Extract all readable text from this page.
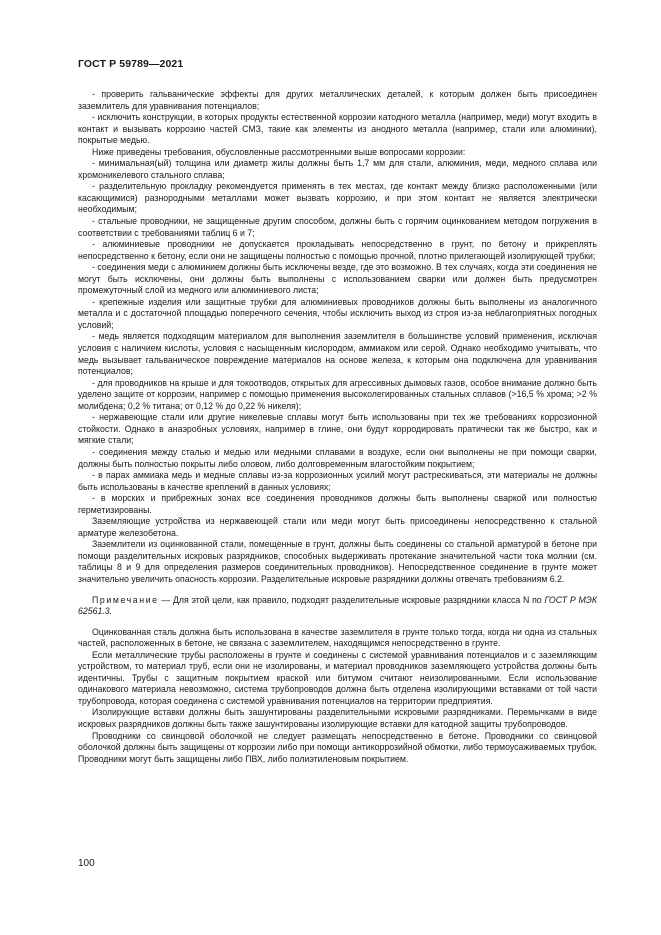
ГОСТ Р 59789—2021

- проверить гальванические эффекты для других металлических деталей, к которым должен быть присоединен заземлитель для уравнивания потенциалов;

- исключить конструкции, в которых продукты естественной коррозии катодного металла (например, меди) могут входить в контакт и вызывать коррозию частей СМЗ, такие как элементы из анодного металла (например, стали или алюминии), покрытые медью.

Ниже приведены требования, обусловленные рассмотренными выше вопросами коррозии:

- минимальная(ый) толщина или диаметр жилы должны быть 1,7 мм для стали, алюминия, меди, медного сплава или хромоникелевого стального сплава;

- разделительную прокладку рекомендуется применять в тех местах, где контакт между близко расположенными (или касающимися) разнородными металлами может вызвать коррозию, и при этом контакт не является электрически необходимым;

- стальные проводники, не защищенные другим способом, должны быть с горячим оцинкованием методом погружения в соответствии с требованиями таблиц 6 и 7;

- алюминиевые проводники не допускается прокладывать непосредственно в грунт, по бетону и прикреплять непосредственно к бетону, если они не защищены полностью с помощью прочной, плотно прилегающей изолирующей трубки;

- соединения меди с алюминием должны быть исключены везде, где это возможно. В тех случаях, когда эти соединения не могут быть исключены, они должны быть выполнены с использованием сварки или должен быть предусмотрен промежуточный слой из медного или алюминиевого листа;

- крепежные изделия или защитные трубки для алюминиевых проводников должны быть выполнены из аналогичного металла и с достаточной площадью поперечного сечения, чтобы исключить выход из строя из-за неблагоприятных погодных условий;

- медь является подходящим материалом для выполнения заземлителя в большинстве условий применения, исключая условия с наличием кислоты, условия с насыщенным кислородом, аммиаком или серой. Однако необходимо учитывать, что медь вызывает гальваническое повреждение материалов на основе железа, к которым она подключена для уравнивания потенциалов;

- для проводников на крыше и для токоотводов, открытых для агрессивных дымовых газов, особое внимание должно быть уделено защите от коррозии, например с помощью применения высоколегированных стальных сплавов (>16,5 % хрома; >2 % молибдена; 0,2 % титана; от 0,12 % до 0,22 % никеля);

- нержавеющие стали или другие никелевые сплавы могут быть использованы при тех же требованиях коррозионной стойкости. Однако в анаэробных условиях, например в глине, они будут корродировать пратически так же быстро, как и мягкие стали;

- соединения между сталью и медью или медными сплавами в воздухе, если они выполнены не при помощи сварки, должны быть полностью покрыты либо оловом, либо долговременным влагостойким покрытием;

- в парах аммиака медь и медные сплавы из-за коррозионных усилий могут растрескиваться, эти материалы не должны быть использованы в качестве креплений в данных условиях;

- в морских и прибрежных зонах все соединения проводников должны быть выполнены сваркой или полностью герметизированы.

Заземляющие устройства из нержавеющей стали или меди могут быть присоединены непосредственно к стальной арматуре железобетона.

Заземлители из оцинкованной стали, помещенные в грунт, должны быть соединены со стальной арматурой в бетоне при помощи разделительных искровых разрядников, способных выдерживать протекание значительной части тока молнии (см. таблицы 8 и 9 для определения размеров соединительных проводников). Непосредственное соединение в грунте может значительно увеличить опасность коррозии. Разделительные искровые разрядники должны отвечать требованиям 6.2.

Примечание — Для этой цели, как правило, подходят разделительные искровые разрядники класса N по ГОСТ Р МЭК 62561.3.

Оцинкованная сталь должна быть использована в качестве заземлителя в грунте только тогда, когда ни одна из стальных частей, расположенных в бетоне, не связана с заземлителем, находящимся непосредственно в грунте.

Если металлические трубы расположены в грунте и соединены с системой уравнивания потенциалов и с заземляющим устройством, то материал труб, если они не изолированы, и материал проводников заземляющего устройства должны быть идентичны. Трубы с защитным покрытием краской или битумом считают неизолированными. Если использование одинакового материала невозможно, система трубопроводов должна быть отделена изолирующими вставками от той части трубопровода, которая соединена с системой уравнивания потенциалов на территории предприятия.

Изолирующие вставки должны быть зашунтированы разделительными искровыми разрядниками. Перемычками в виде искровых разрядников должны быть также зашунтированы изолирующие вставки для катодной защиты трубопроводов.

Проводники со свинцовой оболочкой не следует размещать непосредственно в бетоне. Проводники со свинцовой оболочкой должны быть защищены от коррозии либо при помощи антикоррозийной обмотки, либо термоусаживаемых трубок. Проводники могут быть защищены либо ПВХ, либо полиэтиленовым покрытием.

100
